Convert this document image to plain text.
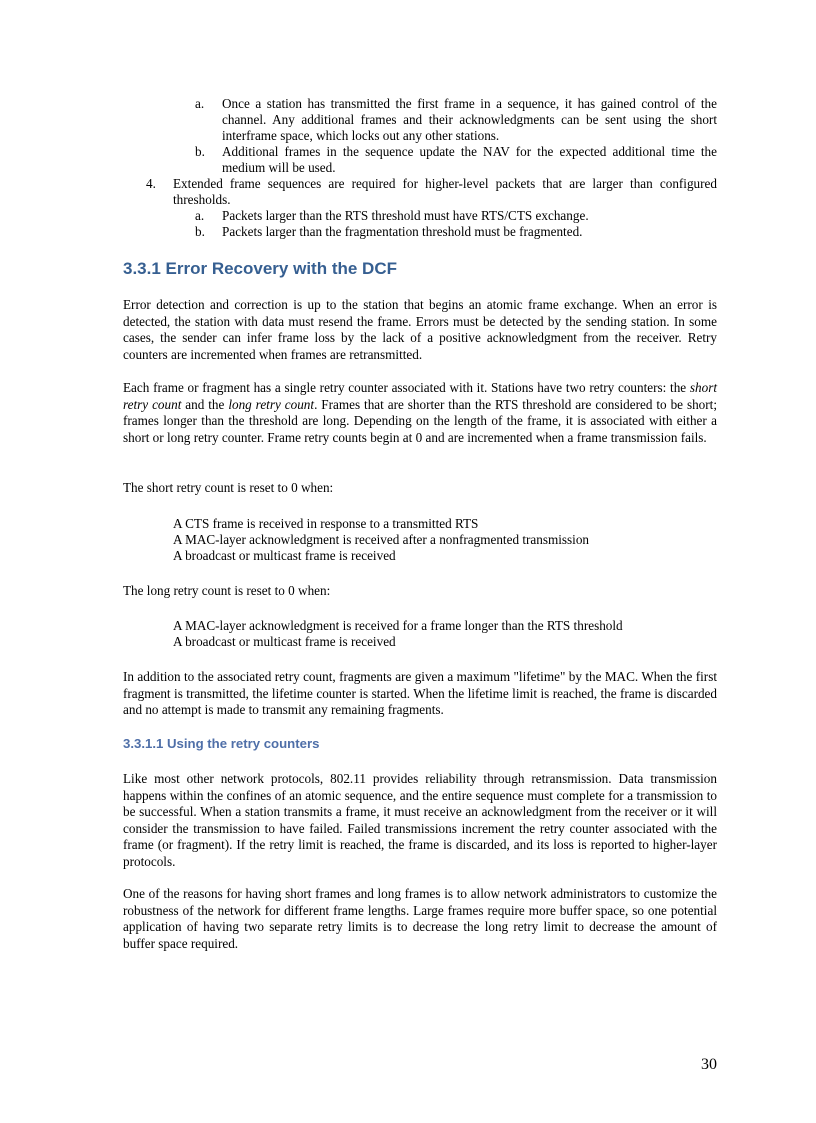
a. Once a station has transmitted the first frame in a sequence, it has gained control of the channel. Any additional frames and their acknowledgments can be sent using the short interframe space, which locks out any other stations.
b. Additional frames in the sequence update the NAV for the expected additional time the medium will be used.
4. Extended frame sequences are required for higher-level packets that are larger than configured thresholds.
a. Packets larger than the RTS threshold must have RTS/CTS exchange.
b. Packets larger than the fragmentation threshold must be fragmented.
3.3.1 Error Recovery with the DCF

Error detection and correction is up to the station that begins an atomic frame exchange. When an error is detected, the station with data must resend the frame. Errors must be detected by the sending station. In some cases, the sender can infer frame loss by the lack of a positive acknowledgment from the receiver. Retry counters are incremented when frames are retransmitted.

Each frame or fragment has a single retry counter associated with it. Stations have two retry counters: the short retry count and the long retry count. Frames that are shorter than the RTS threshold are considered to be short; frames longer than the threshold are long. Depending on the length of the frame, it is associated with either a short or long retry counter. Frame retry counts begin at 0 and are incremented when a frame transmission fails.

The short retry count is reset to 0 when:

A CTS frame is received in response to a transmitted RTS

A MAC-layer acknowledgment is received after a nonfragmented transmission

A broadcast or multicast frame is received

The long retry count is reset to 0 when:

A MAC-layer acknowledgment is received for a frame longer than the RTS threshold

A broadcast or multicast frame is received

In addition to the associated retry count, fragments are given a maximum "lifetime" by the MAC. When the first fragment is transmitted, the lifetime counter is started. When the lifetime limit is reached, the frame is discarded and no attempt is made to transmit any remaining fragments.

3.3.1.1 Using the retry counters

Like most other network protocols, 802.11 provides reliability through retransmission. Data transmission happens within the confines of an atomic sequence, and the entire sequence must complete for a transmission to be successful. When a station transmits a frame, it must receive an acknowledgment from the receiver or it will consider the transmission to have failed. Failed transmissions increment the retry counter associated with the frame (or fragment). If the retry limit is reached, the frame is discarded, and its loss is reported to higher-layer protocols.

One of the reasons for having short frames and long frames is to allow network administrators to customize the robustness of the network for different frame lengths. Large frames require more buffer space, so one potential application of having two separate retry limits is to decrease the long retry limit to decrease the amount of buffer space required.

30
